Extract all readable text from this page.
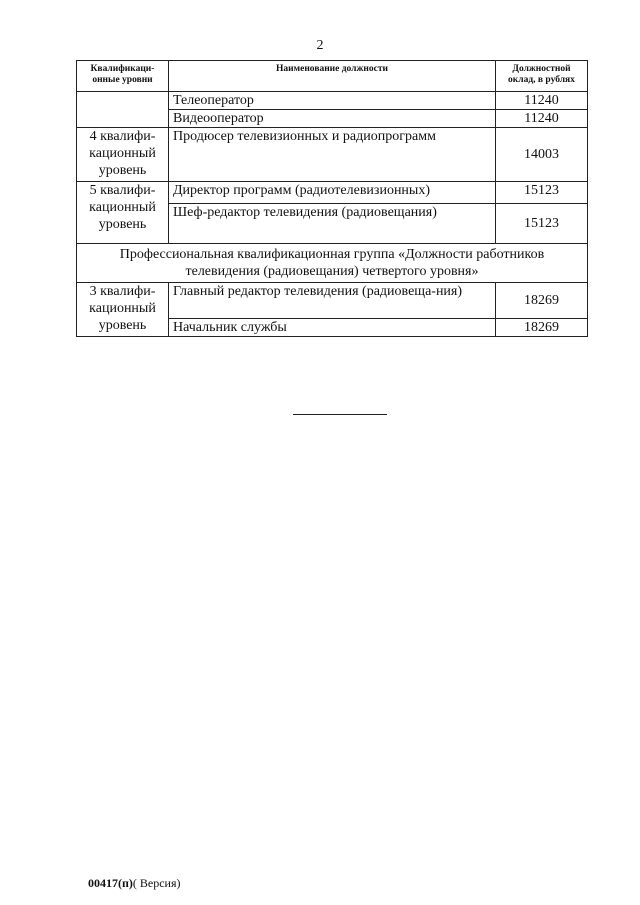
2
Квалификаци-
онные уровни	Наименование должности	Должностной
оклад, в рублях
	Телеоператор	11240
	Видеооператор	11240
4 квалифи-
кационный
уровень	Продюсер телевизионных и радиопрограмм	14003
5 квалифи-
кационный
уровень	Директор программ (радиотелевизионных)	15123
	Шеф-редактор телевидения (радиовещания)	15123
Профессиональная квалификационная группа «Должности работников телевидения (радиовещания) четвертого уровня»		
3 квалифи-
кационный
уровень	Главный редактор телевидения (радиовеща-ния)	18269
	Начальник службы	18269
00417(п)( Версия)
